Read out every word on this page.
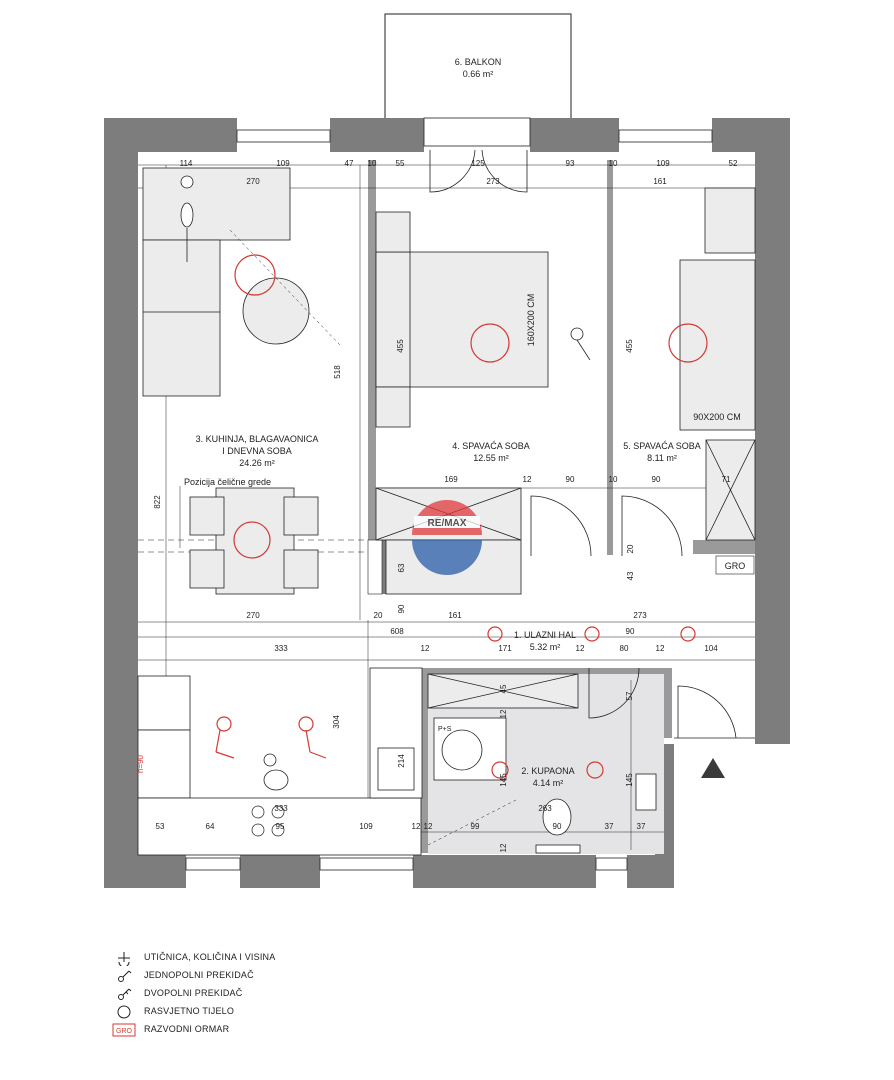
GRO
RE/MAX
6. BALKON
0.66 m²
3. KUHINJA, BLAGAVAONICA
I DNEVNA SOBA
24.26 m²
4. SPAVAĆA SOBA
12.55 m²
5. SPAVAĆA SOBA
8.11 m²
1. ULAZNI HAL
5.32 m²
2. KUPAONA
4.14 m²
160X200 CM
90X200 CM
Pozicija čelične grede
P+S
h=90
114	109	47 10 55	125	93	10	109	52
270	273	161
518
455	455
822
304
63
90
43
20
57
45
214
145	145
12
12
169	12	90	10	90	71
270	20	161	273
608	90
333	12	171	12	80	12	104
53	64	95	109	12 12	99	90	37	37
263
333
UTIČNICA, KOLIČINA I VISINA
JEDNOPOLNI PREKIDAČ
DVOPOLNI PREKIDAČ
RASVJETNO TIJELO
GRO RAZVODNI ORMAR
